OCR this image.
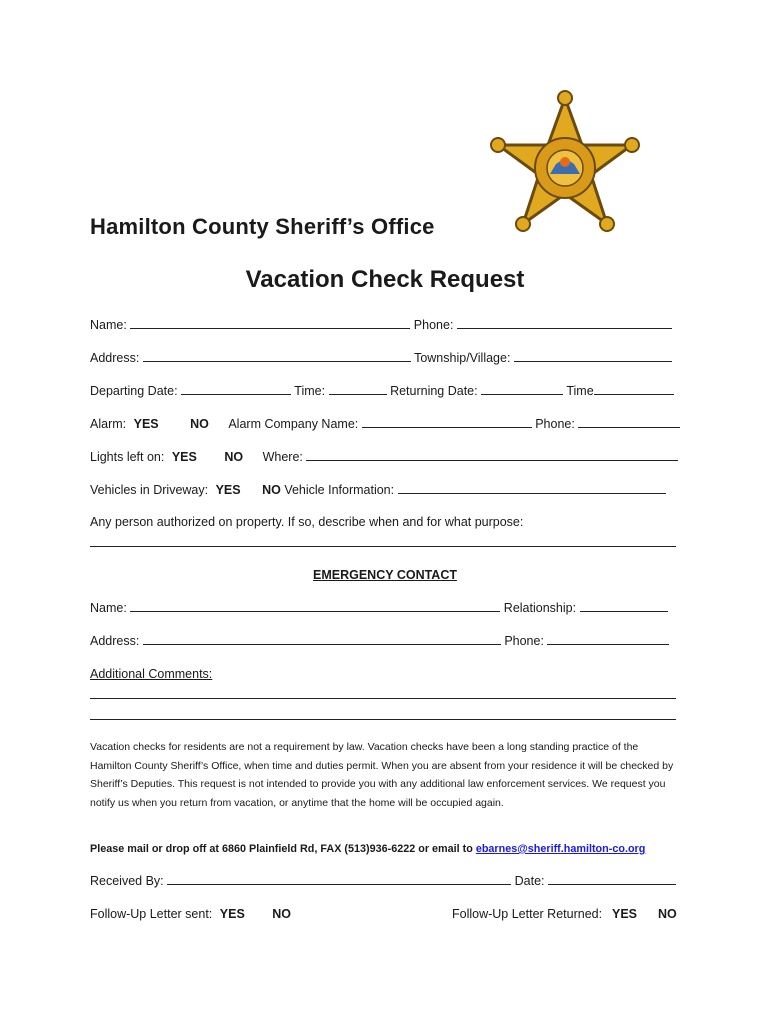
Hamilton County Sheriff’s Office
Vacation Check Request
Name:	Phone:
Address:	Township/Village:
Departing Date:	Time:	Returning Date:	Time
Alarm: YES	NO Alarm Company Name:	Phone:
Lights left on: YES NO Where:
Vehicles in Driveway: YES NO Vehicle Information:
Any person authorized on property. If so, describe when and for what purpose:
EMERGENCY CONTACT
Name:	Relationship:
Address:	Phone:
Additional Comments:
Vacation checks for residents are not a requirement by law. Vacation checks have been a long standing practice of the Hamilton County Sheriff’s Office, when time and duties permit. When you are absent from your residence it will be checked by Sheriff’s Deputies. This request is not intended to provide you with any additional law enforcement services. We request you notify us when you return from vacation, or anytime that the home will be occupied again.
Please mail or drop off at 6860 Plainfield Rd, FAX (513)936-6222 or email to ebarnes@sheriff.hamilton-co.org
Received By:	Date:
Follow-Up Letter sent: YES NO	Follow-Up Letter Returned: YES NO
